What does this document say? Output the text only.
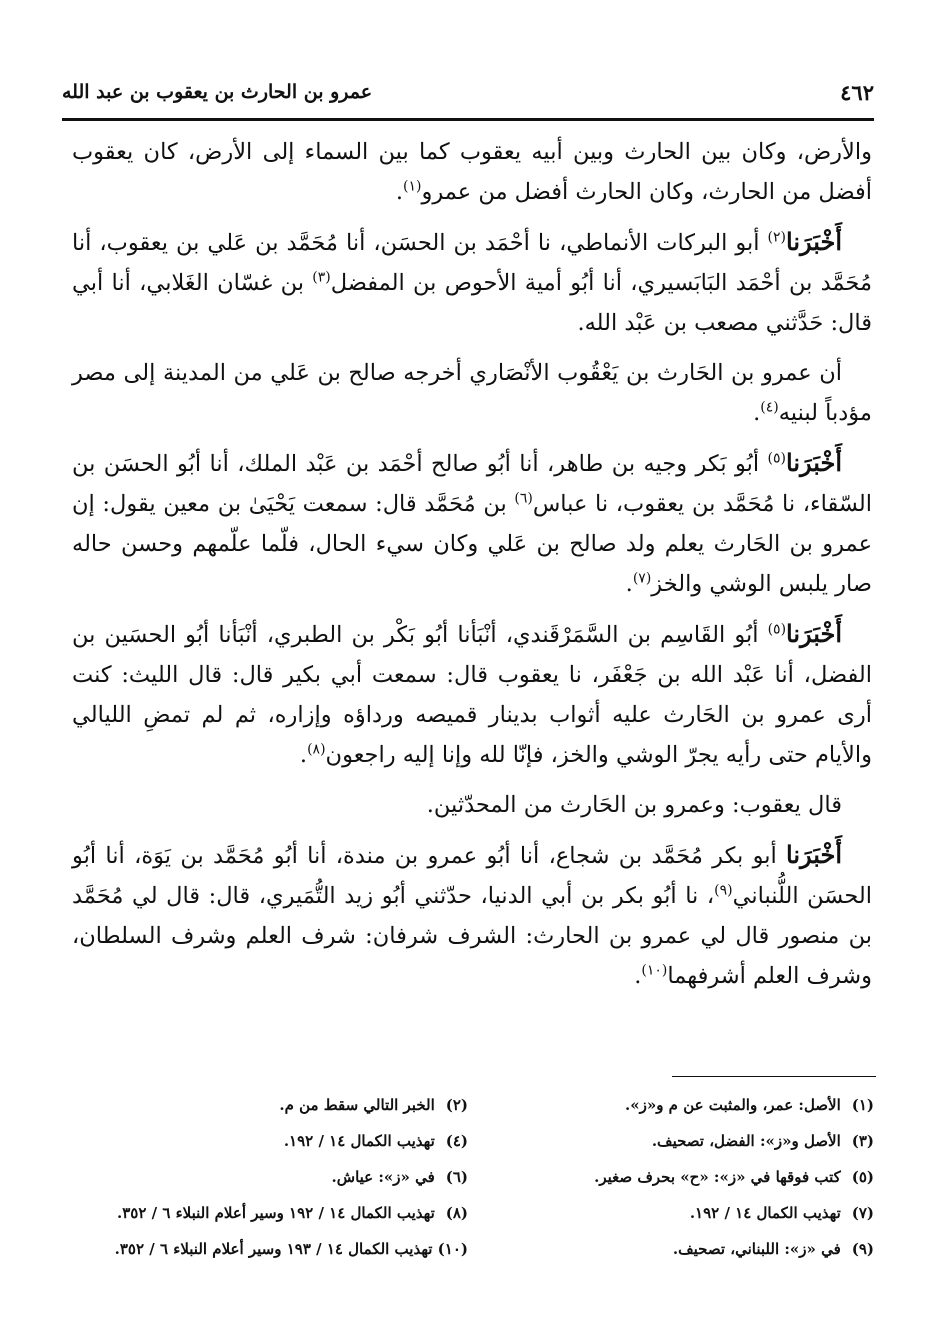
٤٦٢
عمرو بن الحارث بن يعقوب بن عبد الله

والأرض، وكان بين الحارث وبين أبيه يعقوب كما بين السماء إلى الأرض، كان يعقوب أفضل من الحارث، وكان الحارث أفضل من عمرو$^{(١)}$.

أَخْبَرَنا$^{(٢)}$ أبو البركات الأنماطي، نا أحْمَد بن الحسَن، أنا مُحَمَّد بن عَلي بن يعقوب، أنا مُحَمَّد بن أحْمَد البَابَسيري، أنا أبُو أمية الأحوص بن المفضل$^{(٣)}$ بن غسّان الغَلابي، أنا أبي قال: حَدَّثني مصعب بن عَبْد الله.

أن عمرو بن الحَارث بن يَعْقُوب الأنْصَاري أخرجه صالح بن عَلي من المدينة إلى مصر مؤدباً لبنيه$^{(٤)}$.

أَخْبَرَنا$^{(٥)}$ أبُو بَكر وجيه بن طاهر، أنا أبُو صالح أحْمَد بن عَبْد الملك، أنا أبُو الحسَن بن السّقاء، نا مُحَمَّد بن يعقوب، نا عباس$^{(٦)}$ بن مُحَمَّد قال: سمعت يَحْيَىٰ بن معين يقول: إن عمرو بن الحَارث يعلم ولد صالح بن عَلي وكان سيء الحال، فلّما علّمهم وحسن حاله صار يلبس الوشي والخز$^{(٧)}$.

أَخْبَرَنا$^{(٥)}$ أبُو القَاسِم بن السَّمَرْقَندي، أنْبَأنا أبُو بَكْر بن الطبري، أنْبَأنا أبُو الحسَين بن الفضل، أنا عَبْد الله بن جَعْفَر، نا يعقوب قال: سمعت أبي بكير قال: قال الليث: كنت أرى عمرو بن الحَارث عليه أثواب بدينار قميصه ورداؤه وإزاره، ثم لم تمضِ الليالي والأيام حتى رأيه يجرّ الوشي والخز، فإنّا لله وإنا إليه راجعون$^{(٨)}$.

قال يعقوب: وعمرو بن الحَارث من المحدّثين.

أَخْبَرَنا أبو بكر مُحَمَّد بن شجاع، أنا أبُو عمرو بن مندة، أنا أبُو مُحَمَّد بن يَوَة، أنا أبُو الحسَن اللُّنباني$^{(٩)}$، نا أبُو بكر بن أبي الدنيا، حدّثني أبُو زيد التُّمَيري، قال: قال لي مُحَمَّد بن منصور قال لي عمرو بن الحارث: الشرف شرفان: شرف العلم وشرف السلطان، وشرف العلم أشرفهما$^{(١٠)}$.

(١) الأصل: عمر، والمثبت عن م و«ز».
(٢) الخبر التالي سقط من م.
(٣) الأصل و«ز»: الفضل، تصحيف.
(٤) تهذيب الكمال ١٤ / ١٩٢.
(٥) كتب فوقها في «ز»: «ح» بحرف صغير.
(٦) في «ز»: عياش.
(٧) تهذيب الكمال ١٤ / ١٩٢.
(٨) تهذيب الكمال ١٤ / ١٩٢ وسير أعلام النبلاء ٦ / ٣٥٢.
(٩) في «ز»: اللبناني، تصحيف.
(١٠) تهذيب الكمال ١٤ / ١٩٣ وسير أعلام النبلاء ٦ / ٣٥٢.
